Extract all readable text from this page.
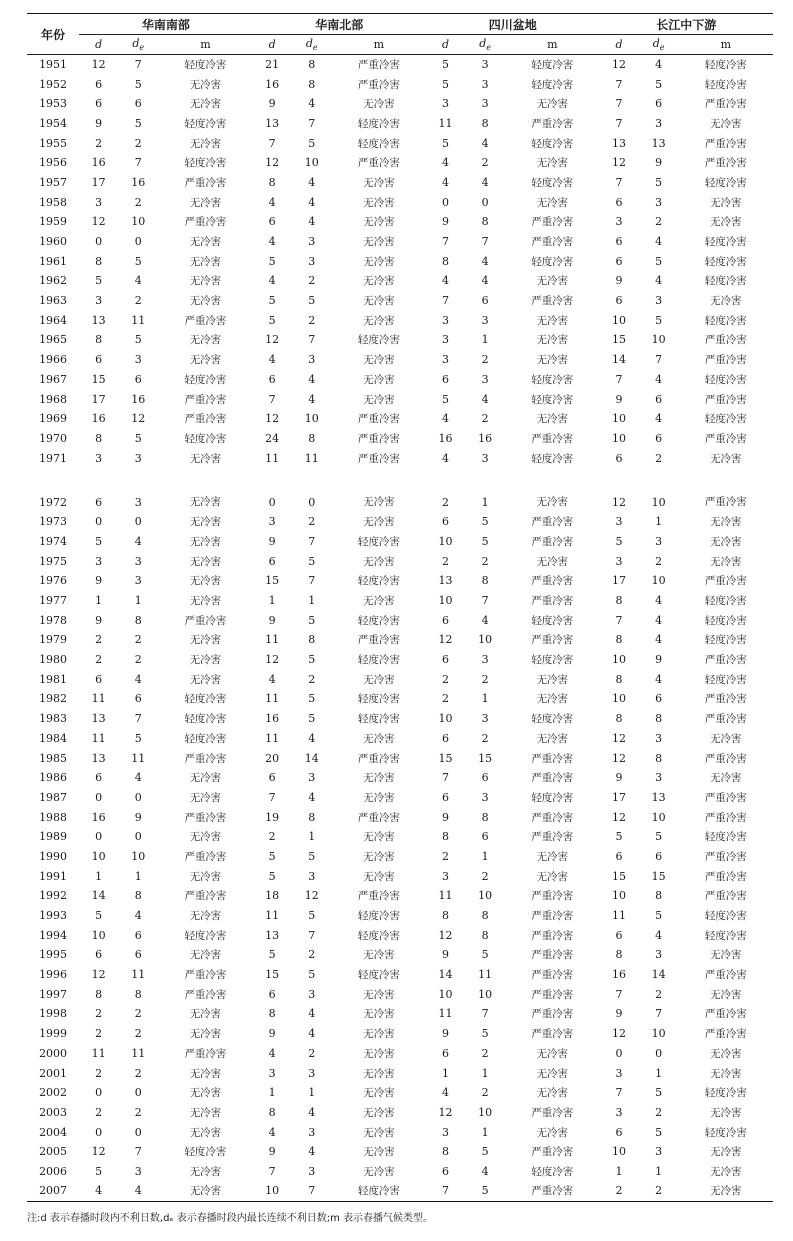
年份	华南南部			华南北部			四川盆地			长江中下游		
	d	$d_e$	m	d	$d_e$	m	d	$d_e$	m	d	$d_e$	m
1951	12	7	轻度冷害	21	8	严重冷害	5	3	轻度冷害	12	4	轻度冷害
1952	6	5	无冷害	16	8	严重冷害	5	3	轻度冷害	7	5	轻度冷害
1953	6	6	无冷害	9	4	无冷害	3	3	无冷害	7	6	严重冷害
1954	9	5	轻度冷害	13	7	轻度冷害	11	8	严重冷害	7	3	无冷害
1955	2	2	无冷害	7	5	轻度冷害	5	4	轻度冷害	13	13	严重冷害
1956	16	7	轻度冷害	12	10	严重冷害	4	2	无冷害	12	9	严重冷害
1957	17	16	严重冷害	8	4	无冷害	4	4	轻度冷害	7	5	轻度冷害
1958	3	2	无冷害	4	4	无冷害	0	0	无冷害	6	3	无冷害
1959	12	10	严重冷害	6	4	无冷害	9	8	严重冷害	3	2	无冷害
1960	0	0	无冷害	4	3	无冷害	7	7	严重冷害	6	4	轻度冷害
1961	8	5	无冷害	5	3	无冷害	8	4	轻度冷害	6	5	轻度冷害
1962	5	4	无冷害	4	2	无冷害	4	4	无冷害	9	4	轻度冷害
1963	3	2	无冷害	5	5	无冷害	7	6	严重冷害	6	3	无冷害
1964	13	11	严重冷害	5	2	无冷害	3	3	无冷害	10	5	轻度冷害
1965	8	5	无冷害	12	7	轻度冷害	3	1	无冷害	15	10	严重冷害
1966	6	3	无冷害	4	3	无冷害	3	2	无冷害	14	7	严重冷害
1967	15	6	轻度冷害	6	4	无冷害	6	3	轻度冷害	7	4	轻度冷害
1968	17	16	严重冷害	7	4	无冷害	5	4	轻度冷害	9	6	严重冷害
1969	16	12	严重冷害	12	10	严重冷害	4	2	无冷害	10	4	轻度冷害
1970	8	5	轻度冷害	24	8	严重冷害	16	16	严重冷害	10	6	严重冷害
1971	3	3	无冷害	11	11	严重冷害	4	3	轻度冷害	6	2	无冷害
1972	6	3	无冷害	0	0	无冷害	2	1	无冷害	12	10	严重冷害
1973	0	0	无冷害	3	2	无冷害	6	5	严重冷害	3	1	无冷害
1974	5	4	无冷害	9	7	轻度冷害	10	5	严重冷害	5	3	无冷害
1975	3	3	无冷害	6	5	无冷害	2	2	无冷害	3	2	无冷害
1976	9	3	无冷害	15	7	轻度冷害	13	8	严重冷害	17	10	严重冷害
1977	1	1	无冷害	1	1	无冷害	10	7	严重冷害	8	4	轻度冷害
1978	9	8	严重冷害	9	5	轻度冷害	6	4	轻度冷害	7	4	轻度冷害
1979	2	2	无冷害	11	8	严重冷害	12	10	严重冷害	8	4	轻度冷害
1980	2	2	无冷害	12	5	轻度冷害	6	3	轻度冷害	10	9	严重冷害
1981	6	4	无冷害	4	2	无冷害	2	2	无冷害	8	4	轻度冷害
1982	11	6	轻度冷害	11	5	轻度冷害	2	1	无冷害	10	6	严重冷害
1983	13	7	轻度冷害	16	5	轻度冷害	10	3	轻度冷害	8	8	严重冷害
1984	11	5	轻度冷害	11	4	无冷害	6	2	无冷害	12	3	无冷害
1985	13	11	严重冷害	20	14	严重冷害	15	15	严重冷害	12	8	严重冷害
1986	6	4	无冷害	6	3	无冷害	7	6	严重冷害	9	3	无冷害
1987	0	0	无冷害	7	4	无冷害	6	3	轻度冷害	17	13	严重冷害
1988	16	9	严重冷害	19	8	严重冷害	9	8	严重冷害	12	10	严重冷害
1989	0	0	无冷害	2	1	无冷害	8	6	严重冷害	5	5	轻度冷害
1990	10	10	严重冷害	5	5	无冷害	2	1	无冷害	6	6	严重冷害
1991	1	1	无冷害	5	3	无冷害	3	2	无冷害	15	15	严重冷害
1992	14	8	严重冷害	18	12	严重冷害	11	10	严重冷害	10	8	严重冷害
1993	5	4	无冷害	11	5	轻度冷害	8	8	严重冷害	11	5	轻度冷害
1994	10	6	轻度冷害	13	7	轻度冷害	12	8	严重冷害	6	4	轻度冷害
1995	6	6	无冷害	5	2	无冷害	9	5	严重冷害	8	3	无冷害
1996	12	11	严重冷害	15	5	轻度冷害	14	11	严重冷害	16	14	严重冷害
1997	8	8	严重冷害	6	3	无冷害	10	10	严重冷害	7	2	无冷害
1998	2	2	无冷害	8	4	无冷害	11	7	严重冷害	9	7	严重冷害
1999	2	2	无冷害	9	4	无冷害	9	5	严重冷害	12	10	严重冷害
2000	11	11	严重冷害	4	2	无冷害	6	2	无冷害	0	0	无冷害
2001	2	2	无冷害	3	3	无冷害	1	1	无冷害	3	1	无冷害
2002	0	0	无冷害	1	1	无冷害	4	2	无冷害	7	5	轻度冷害
2003	2	2	无冷害	8	4	无冷害	12	10	严重冷害	3	2	无冷害
2004	0	0	无冷害	4	3	无冷害	3	1	无冷害	6	5	轻度冷害
2005	12	7	轻度冷害	9	4	无冷害	8	5	严重冷害	10	3	无冷害
2006	5	3	无冷害	7	3	无冷害	6	4	轻度冷害	1	1	无冷害
2007	4	4	无冷害	10	7	轻度冷害	7	5	严重冷害	2	2	无冷害
注:d 表示春播时段内不利日数,dₑ 表示春播时段内最长连续不利日数;m 表示春播气候类型。
